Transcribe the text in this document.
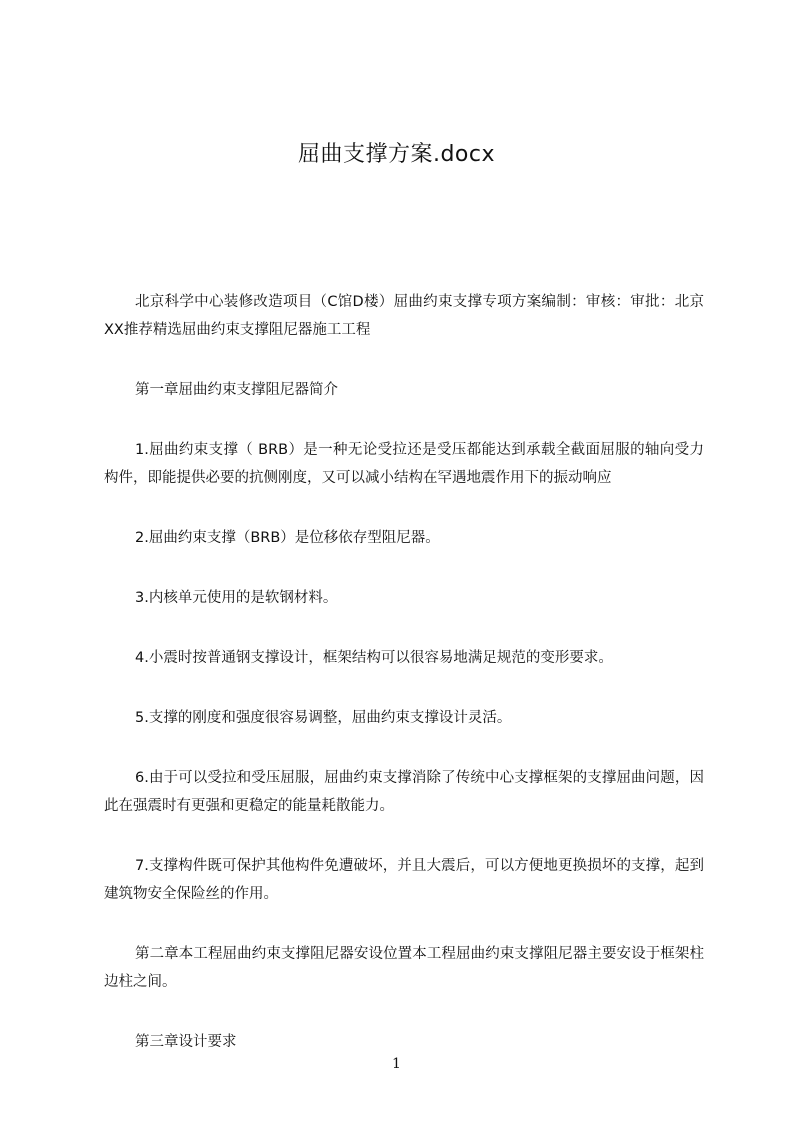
屈曲支撑方案.docx

北京科学中心装修改造项目（C馆D楼）屈曲约束支撑专项方案编制：审核：审批：北京XX推荐精选屈曲约束支撑阻尼器施工工程

第一章屈曲约束支撑阻尼器简介

1.屈曲约束支撑（ BRB）是一种无论受拉还是受压都能达到承载全截面屈服的轴向受力构件，即能提供必要的抗侧刚度，又可以减小结构在罕遇地震作用下的振动响应

2.屈曲约束支撑（BRB）是位移依存型阻尼器。

3.内核单元使用的是软钢材料。

4.小震时按普通钢支撑设计，框架结构可以很容易地满足规范的变形要求。

5.支撑的刚度和强度很容易调整，屈曲约束支撑设计灵活。

6.由于可以受拉和受压屈服，屈曲约束支撑消除了传统中心支撑框架的支撑屈曲问题，因此在强震时有更强和更稳定的能量耗散能力。

7.支撑构件既可保护其他构件免遭破坏，并且大震后，可以方便地更换损坏的支撑，起到建筑物安全保险丝的作用。

第二章本工程屈曲约束支撑阻尼器安设位置本工程屈曲约束支撑阻尼器主要安设于框架柱边柱之间。

第三章设计要求

1
